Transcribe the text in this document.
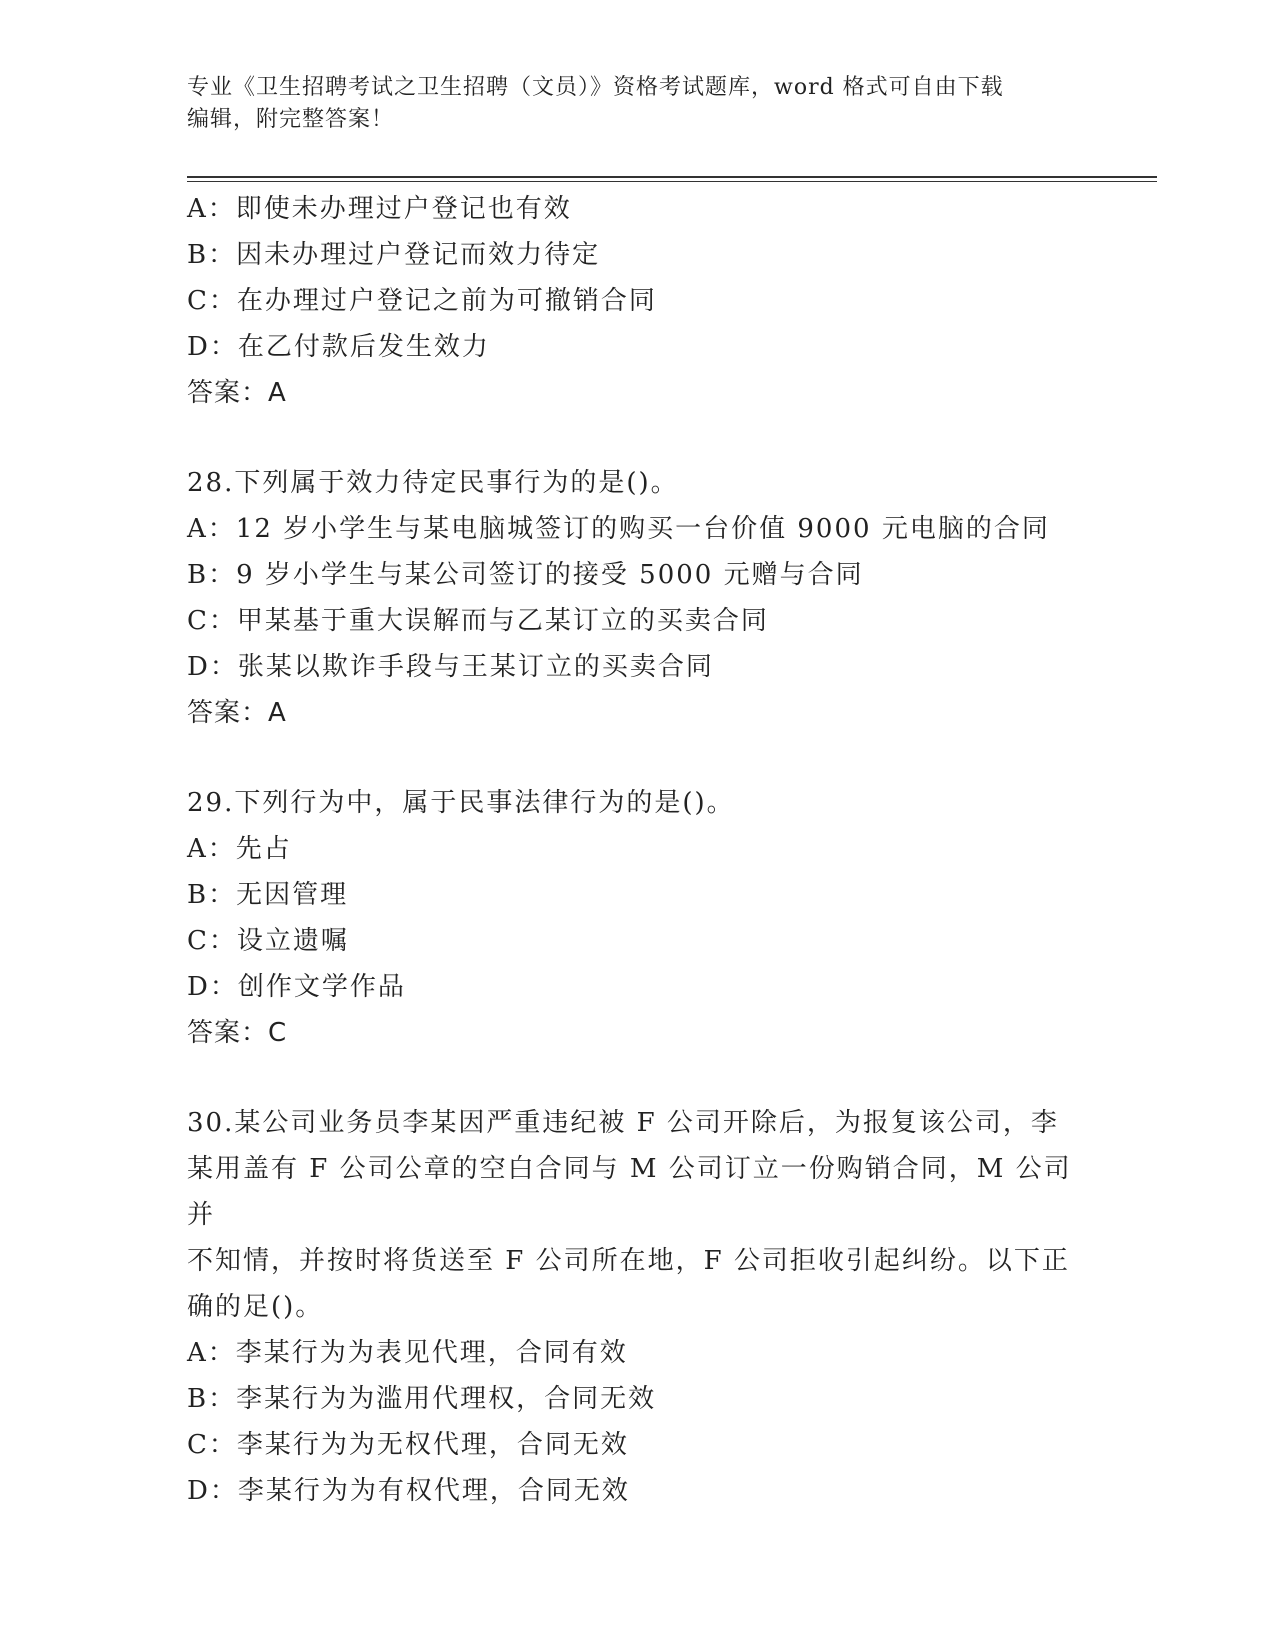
专业《卫生招聘考试之卫生招聘（文员）》资格考试题库，word 格式可自由下载
编辑，附完整答案！
A：即使未办理过户登记也有效
B：因未办理过户登记而效力待定
C：在办理过户登记之前为可撤销合同
D：在乙付款后发生效力
答案：A
28.下列属于效力待定民事行为的是()。
A：12 岁小学生与某电脑城签订的购买一台价值 9000 元电脑的合同
B：9 岁小学生与某公司签订的接受 5000 元赠与合同
C：甲某基于重大误解而与乙某订立的买卖合同
D：张某以欺诈手段与王某订立的买卖合同
答案：A
29.下列行为中，属于民事法律行为的是()。
A：先占
B：无因管理
C：设立遗嘱
D：创作文学作品
答案：C
30.某公司业务员李某因严重违纪被 F 公司开除后，为报复该公司，李
某用盖有 F 公司公章的空白合同与 M 公司订立一份购销合同，M 公司并
不知情，并按时将货送至 F 公司所在地，F 公司拒收引起纠纷。以下正
确的足()。
A：李某行为为表见代理，合同有效
B：李某行为为滥用代理权，合同无效
C：李某行为为无权代理，合同无效
D：李某行为为有权代理，合同无效
